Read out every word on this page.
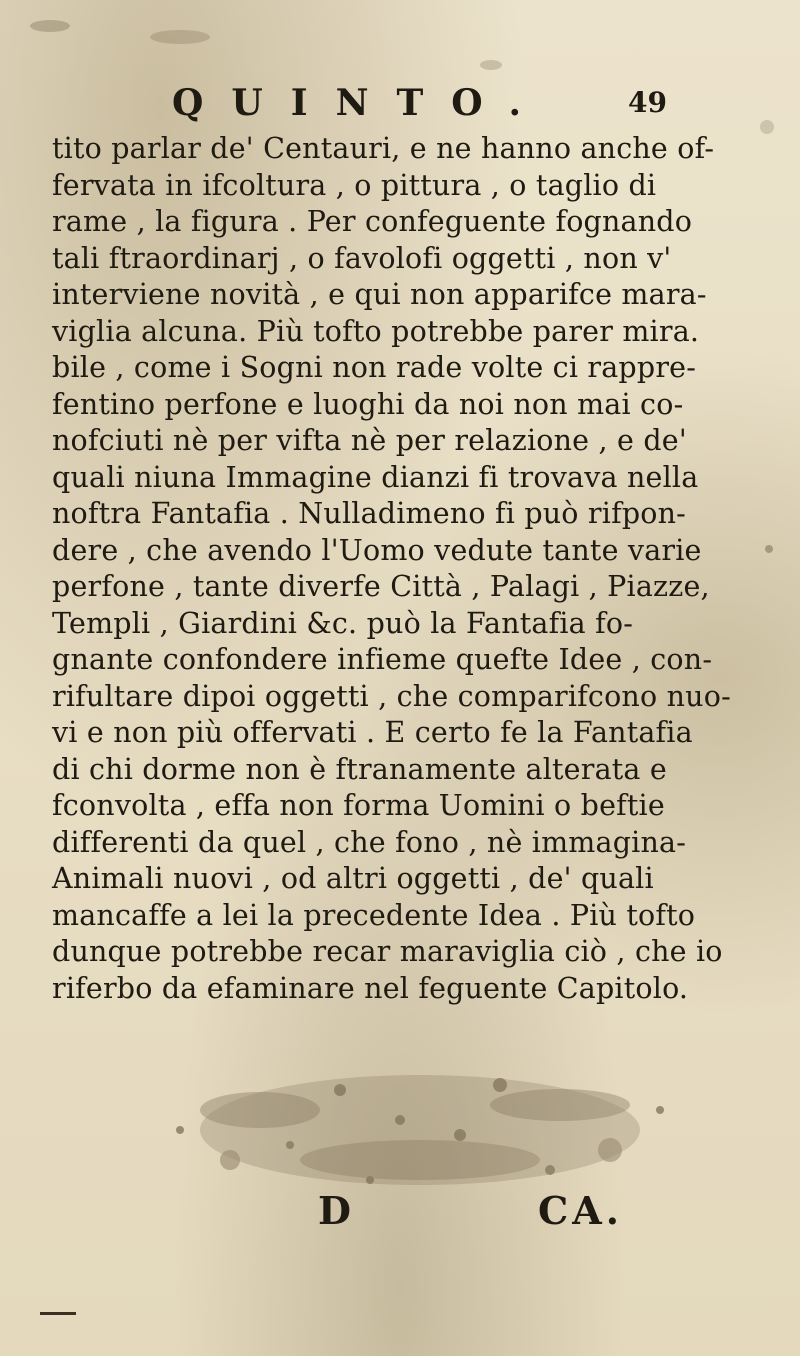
QUINTO.	49
tito parlar de' Centauri, e ne hanno anche of-
fervata in ifcoltura , o pittura , o taglio di
rame , la figura . Per confeguente fognando
tali ftraordinarj , o favolofi oggetti , non v'
interviene novità , e qui non apparifce mara-
viglia alcuna. Più tofto potrebbe parer mira.
bile , come i Sogni non rade volte ci rappre-
fentino perfone e luoghi da noi non mai co-
nofciuti nè per vifta nè per relazione , e de'
quali niuna Immagine dianzi fi trovava nella
noftra Fantafia . Nulladimeno fi può rifpon-
dere , che avendo l'Uomo vedute tante varie
perfone , tante diverfe Città , Palagi , Piazze,
Templi , Giardini &c. può la Fantafia fo-
gnante confondere infieme quefte Idee , con-
rifultare dipoi oggetti , che comparifcono nuo-
vi e non più offervati . E certo fe la Fantafia
di chi dorme non è ftranamente alterata e
fconvolta , effa non forma Uomini o beftie
differenti da quel , che fono , nè immagina-
Animali nuovi , od altri oggetti , de' quali
mancaffe a lei la precedente Idea . Più tofto
dunque potrebbe recar maraviglia ciò , che io
riferbo da efaminare nel feguente Capitolo.
D	CA.
